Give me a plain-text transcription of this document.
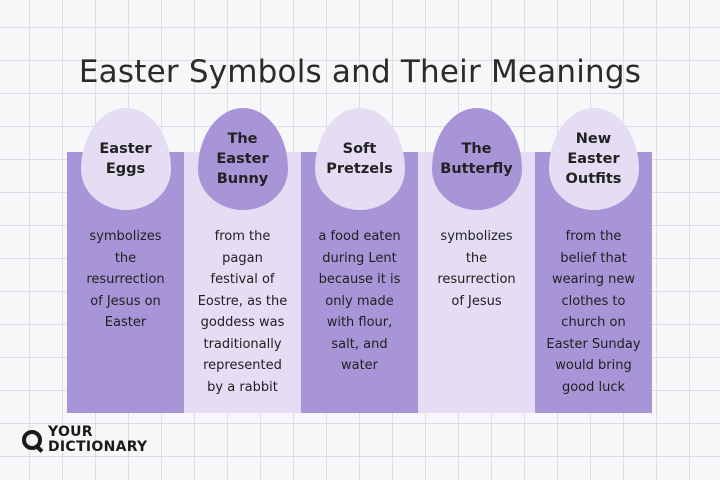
Easter Symbols and Their Meanings
Easter
Eggs
symbolizes
the
resurrection
of Jesus on
Easter
The
Easter
Bunny
from the
pagan
festival of
Eostre, as the
goddess was
traditionally
represented
by a rabbit
Soft
Pretzels
a food eaten
during Lent
because it is
only made
with flour,
salt, and
water
The
Butterfly
symbolizes
the
resurrection
of Jesus
New
Easter
Outfits
from the
belief that
wearing new
clothes to
church on
Easter Sunday
would bring
good luck
YOUR
DICTIONARY
